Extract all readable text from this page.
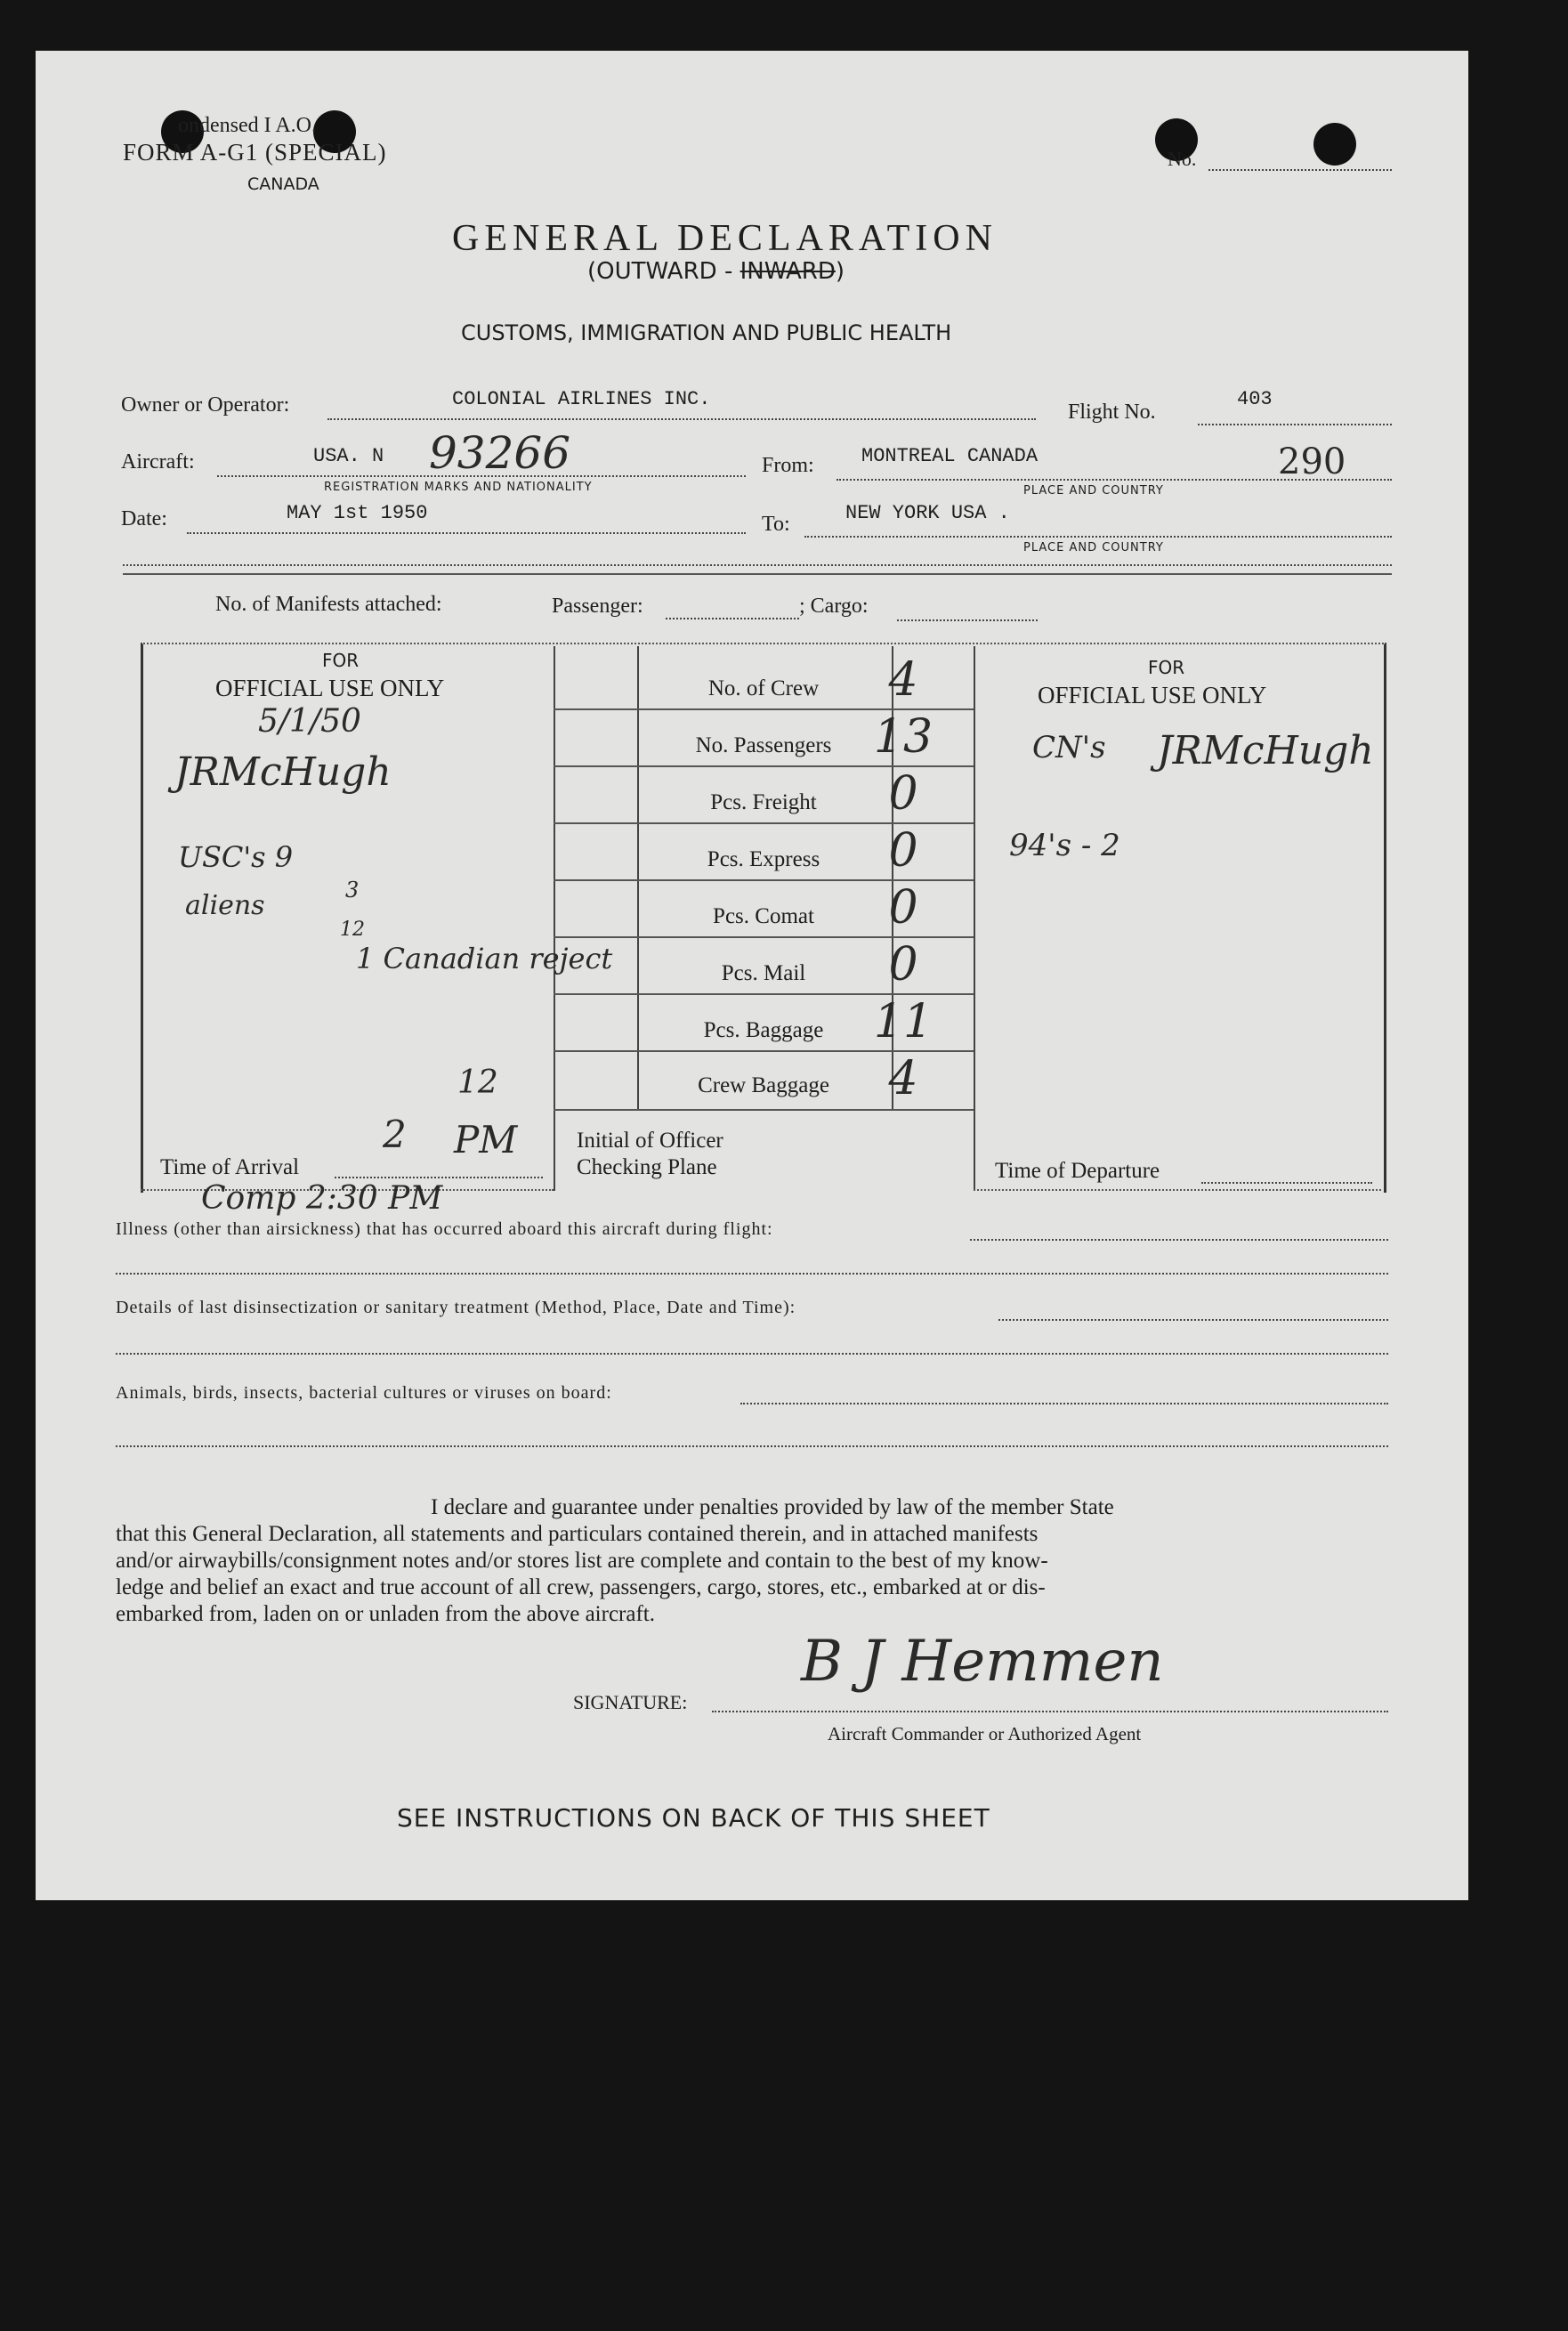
ondensed I A.O.
FORM A-G1 (SPECIAL)
CANADA
No.
GENERAL DECLARATION
(OUTWARD - INWARD)
CUSTOMS, IMMIGRATION AND PUBLIC HEALTH
Owner or Operator:	COLONIAL AIRLINES INC.
Flight No.
403
Aircraft:	USA. N 93266
REGISTRATION MARKS AND NATIONALITY
From: MONTREAL CANADA	290
PLACE AND COUNTRY
Date:	MAY 1st 1950	To:	NEW YORK USA .
PLACE AND COUNTRY
No. of Manifests attached:	Passenger:	; Cargo:
FOR
OFFICIAL USE ONLY
FOR
OFFICIAL USE ONLY
No. of Crew	4
No. Passengers 13
Pcs. Freight	0
Pcs. Express	0
Pcs. Comat	0
Pcs. Mail	0
Pcs. Baggage	11
Crew Baggage	4
5/1/50
JRMcHugh
USC's 9
aliens	3
12
1 Canadian reject
12
2 PM
Time of Arrival
Initial of Officer
Checking Plane
CN's JRMcHugh
94's - 2
Time of Departure
Comp 2:30 PM
Illness (other than airsickness) that has occurred aboard this aircraft during flight:
Details of last disinsectization or sanitary treatment (Method, Place, Date and Time):
Animals, birds, insects, bacterial cultures or viruses on board:
I declare and guarantee under penalties provided by law of the member State
that this General Declaration, all statements and particulars contained therein, and in attached manifests
and/or airwaybills/consignment notes and/or stores list are complete and contain to the best of my know-
ledge and belief an exact and true account of all crew, passengers, cargo, stores, etc., embarked at or dis-
embarked from, laden on or unladen from the above aircraft.
SIGNATURE:
B J Hemmen
Aircraft Commander or Authorized Agent
SEE INSTRUCTIONS ON BACK OF THIS SHEET
